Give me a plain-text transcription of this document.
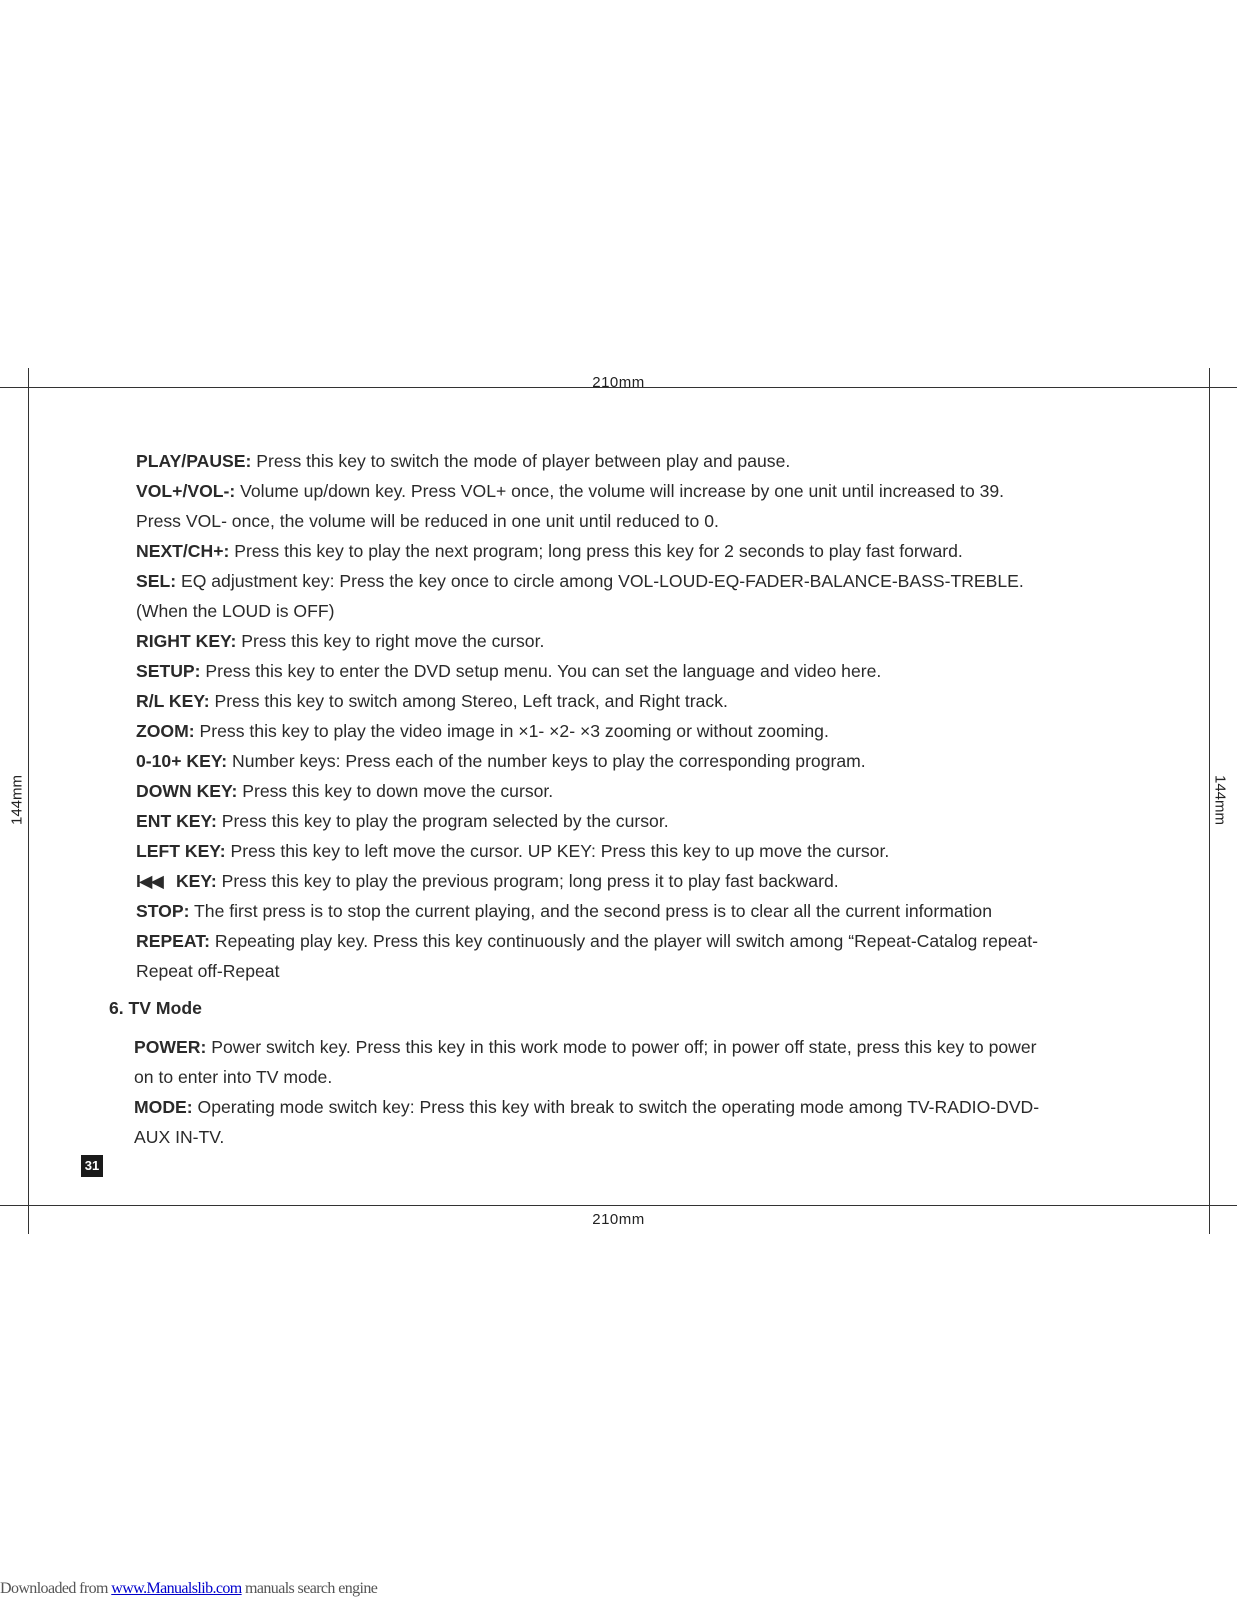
210mm
210mm
144mm	144mm
PLAY/PAUSE: Press this key to switch the mode of player between play and pause.
VOL+/VOL-: Volume up/down key. Press VOL+ once, the volume will increase by one unit until increased to 39.
Press VOL- once, the volume will be reduced in one unit until reduced to 0.
NEXT/CH+: Press this key to play the next program; long press this key for 2 seconds to play fast forward.
SEL: EQ adjustment key: Press the key once to circle among VOL-LOUD-EQ-FADER-BALANCE-BASS-TREBLE.
(When the LOUD is OFF)
RIGHT KEY: Press this key to right move the cursor.
SETUP: Press this key to enter the DVD setup menu. You can set the language and video here.
R/L KEY: Press this key to switch among Stereo, Left track, and Right track.
ZOOM: Press this key to play the video image in ×1- ×2- ×3 zooming or without zooming.
0-10+ KEY: Number keys: Press each of the number keys to play the corresponding program.
DOWN KEY: Press this key to down move the cursor.
ENT KEY: Press this key to play the program selected by the cursor.
LEFT KEY: Press this key to left move the cursor. UP KEY: Press this key to up move the cursor.
I◀◀ KEY: Press this key to play the previous program; long press it to play fast backward.
STOP: The first press is to stop the current playing, and the second press is to clear all the current information
REPEAT: Repeating play key. Press this key continuously and the player will switch among “Repeat-Catalog repeat-
Repeat off-Repeat
6. TV Mode
POWER: Power switch key. Press this key in this work mode to power off; in power off state, press this key to power
on to enter into TV mode.
MODE: Operating mode switch key: Press this key with break to switch the operating mode among TV-RADIO-DVD-
AUX IN-TV.
31
Downloaded from www.Manualslib.com manuals search engine
